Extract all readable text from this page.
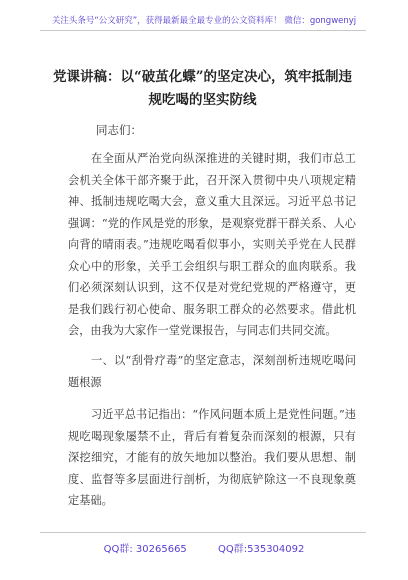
关注头条号“公文研究”，获得最新最全最专业的公文资料库！ 微信：gongwenyj
党课讲稿：以“破茧化蝶”的坚定决心，筑牢抵制违规吃喝的坚实防线
同志们：
在全面从严治党向纵深推进的关键时期，我们市总工会机关全体干部齐聚于此，召开深入贯彻中央八项规定精神、抵制违规吃喝大会，意义重大且深远。习近平总书记强调：“党的作风是党的形象，是观察党群干群关系、人心向背的晴雨表。”违规吃喝看似事小，实则关乎党在人民群众心中的形象，关乎工会组织与职工群众的血肉联系。我们必须深刻认识到，这不仅是对党纪党规的严格遵守，更是我们践行初心使命、服务职工群众的必然要求。借此机会，由我为大家作一堂党课报告，与同志们共同交流。
一、以“刮骨疗毒”的坚定意志，深刻剖析违规吃喝问题根源
习近平总书记指出：“作风问题本质上是党性问题。”违规吃喝现象屡禁不止，背后有着复杂而深刻的根源，只有深挖细究，才能有的放矢地加以整治。我们要从思想、制度、监督等多层面进行剖析，为彻底铲除这一不良现象奠定基础。
QQ群: 30265665	QQ群:535304092
